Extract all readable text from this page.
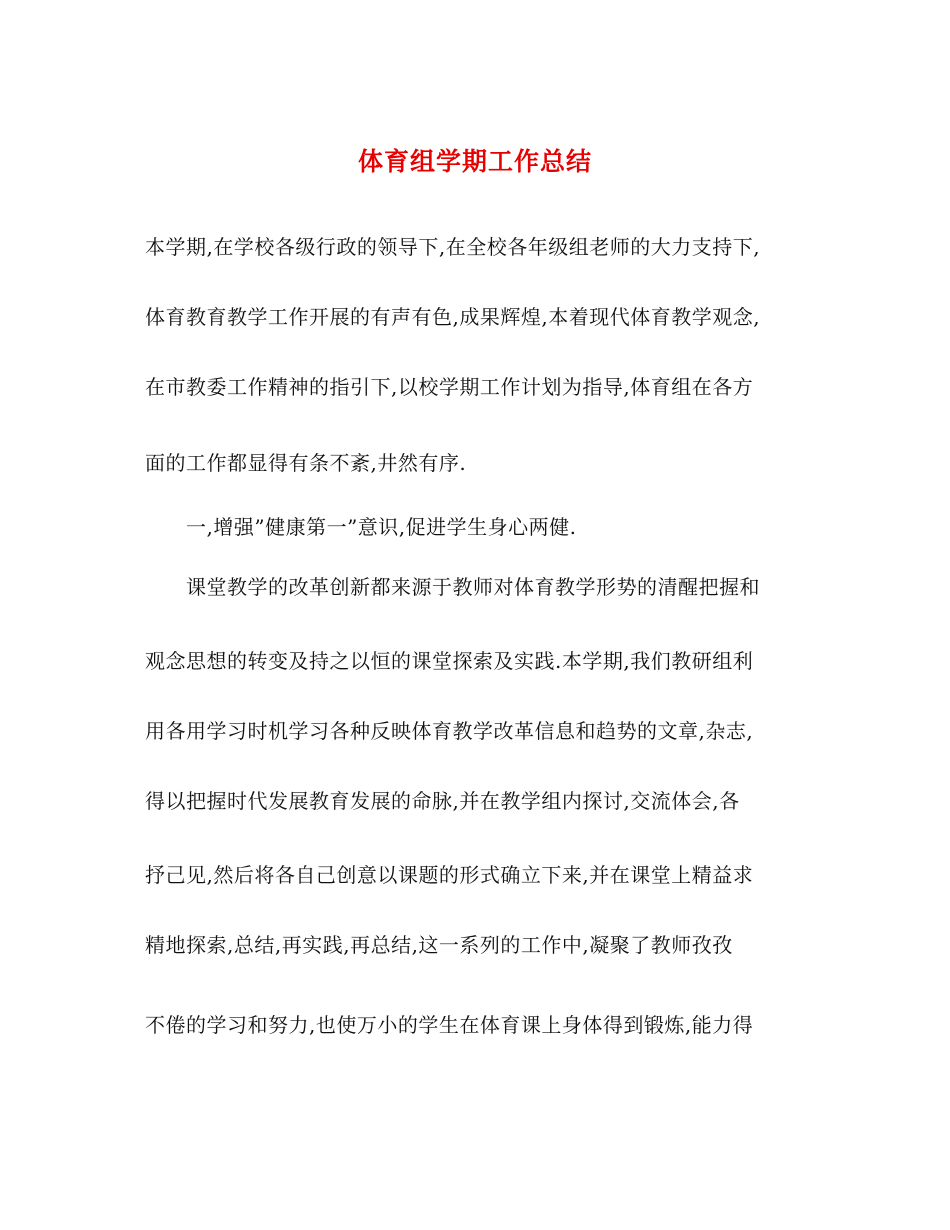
体育组学期工作总结
本学期,在学校各级行政的领导下,在全校各年级组老师的大力支持下,
体育教育教学工作开展的有声有色,成果辉煌,本着现代体育教学观念,
在市教委工作精神的指引下,以校学期工作计划为指导,体育组在各方
面的工作都显得有条不紊,井然有序.
一,增强”健康第一”意识,促进学生身心两健.
课堂教学的改革创新都来源于教师对体育教学形势的清醒把握和
观念思想的转变及持之以恒的课堂探索及实践.本学期,我们教研组利
用各用学习时机学习各种反映体育教学改革信息和趋势的文章,杂志,
得以把握时代发展教育发展的命脉,并在教学组内探讨,交流体会,各
抒己见,然后将各自己创意以课题的形式确立下来,并在课堂上精益求
精地探索,总结,再实践,再总结,这一系列的工作中,凝聚了教师孜孜
不倦的学习和努力,也使万小的学生在体育课上身体得到锻炼,能力得
